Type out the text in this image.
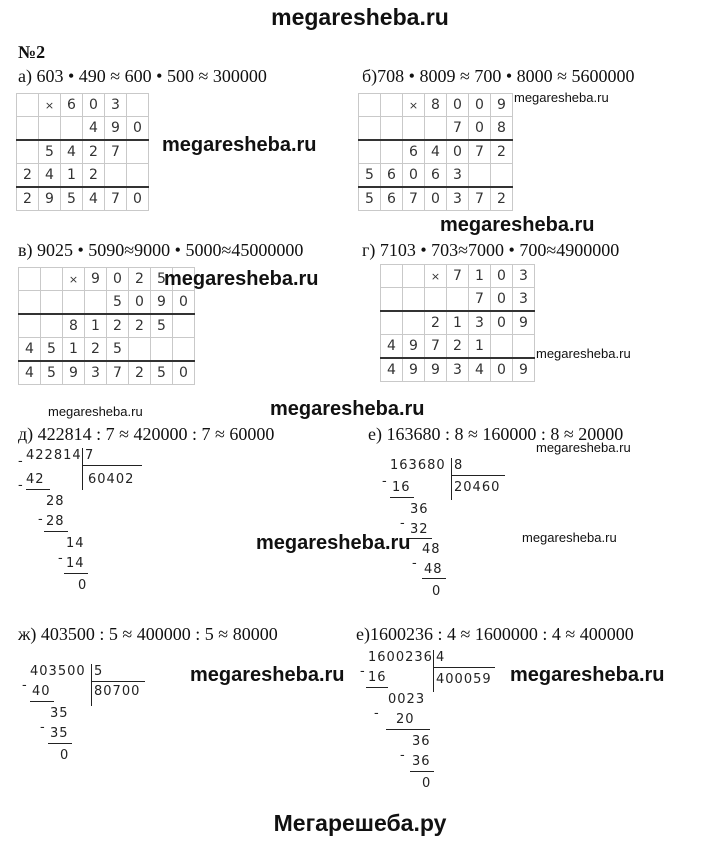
megaresheba.ru
№2
а) 603 • 490 ≈ 600 • 500 ≈ 300000	б)708 • 8009 ≈ 700 • 8000 ≈ 5600000
в) 9025 • 5090≈9000 • 5000≈45000000	г) 7103 • 703≈7000 • 700≈4900000
	×	6	0	3	
			4	9	0
	5	4	2	7	
2	4	1	2		
2	9	5	4	7	0
		×	8	0	0	9
				7	0	8
		6	4	0	7	2
5	6	0	6	3		
5	6	7	0	3	7	2
		×	9	0	2	5	
				5	0	9	0
		8	1	2	2	5	
4	5	1	2	5			
4	5	9	3	7	2	5	0
		×	7	1	0	3
				7	0	3
		2	1	3	0	9
4	9	7	2	1		
4	9	9	3	4	0	9
д) 422814 : 7 ≈ 420000 : 7 ≈ 60000	е) 163680 : 8 ≈ 160000 : 8 ≈ 20000
ж) 403500 : 5 ≈ 400000 : 5 ≈ 80000	е)1600236 : 4 ≈ 1600000 : 4 ≈ 400000
- 422814 7
60402
- 42
28
- 28
14
- 14
0
163680 8
20460
- 16
36
- 32
48
- 48
0
403500 5
80700
- 40
35
- 35
0
1600236 4
400059
- 16
0023
- 20
36
- 36
0
megaresheba.ru
megaresheba.ru
megaresheba.ru
megaresheba.ru
megaresheba.ru
megaresheba.ru	megaresheba.ru
megaresheba.ru
megaresheba.ru	megaresheba.ru
megaresheba.ru	megaresheba.ru
Мегарешеба.ру
